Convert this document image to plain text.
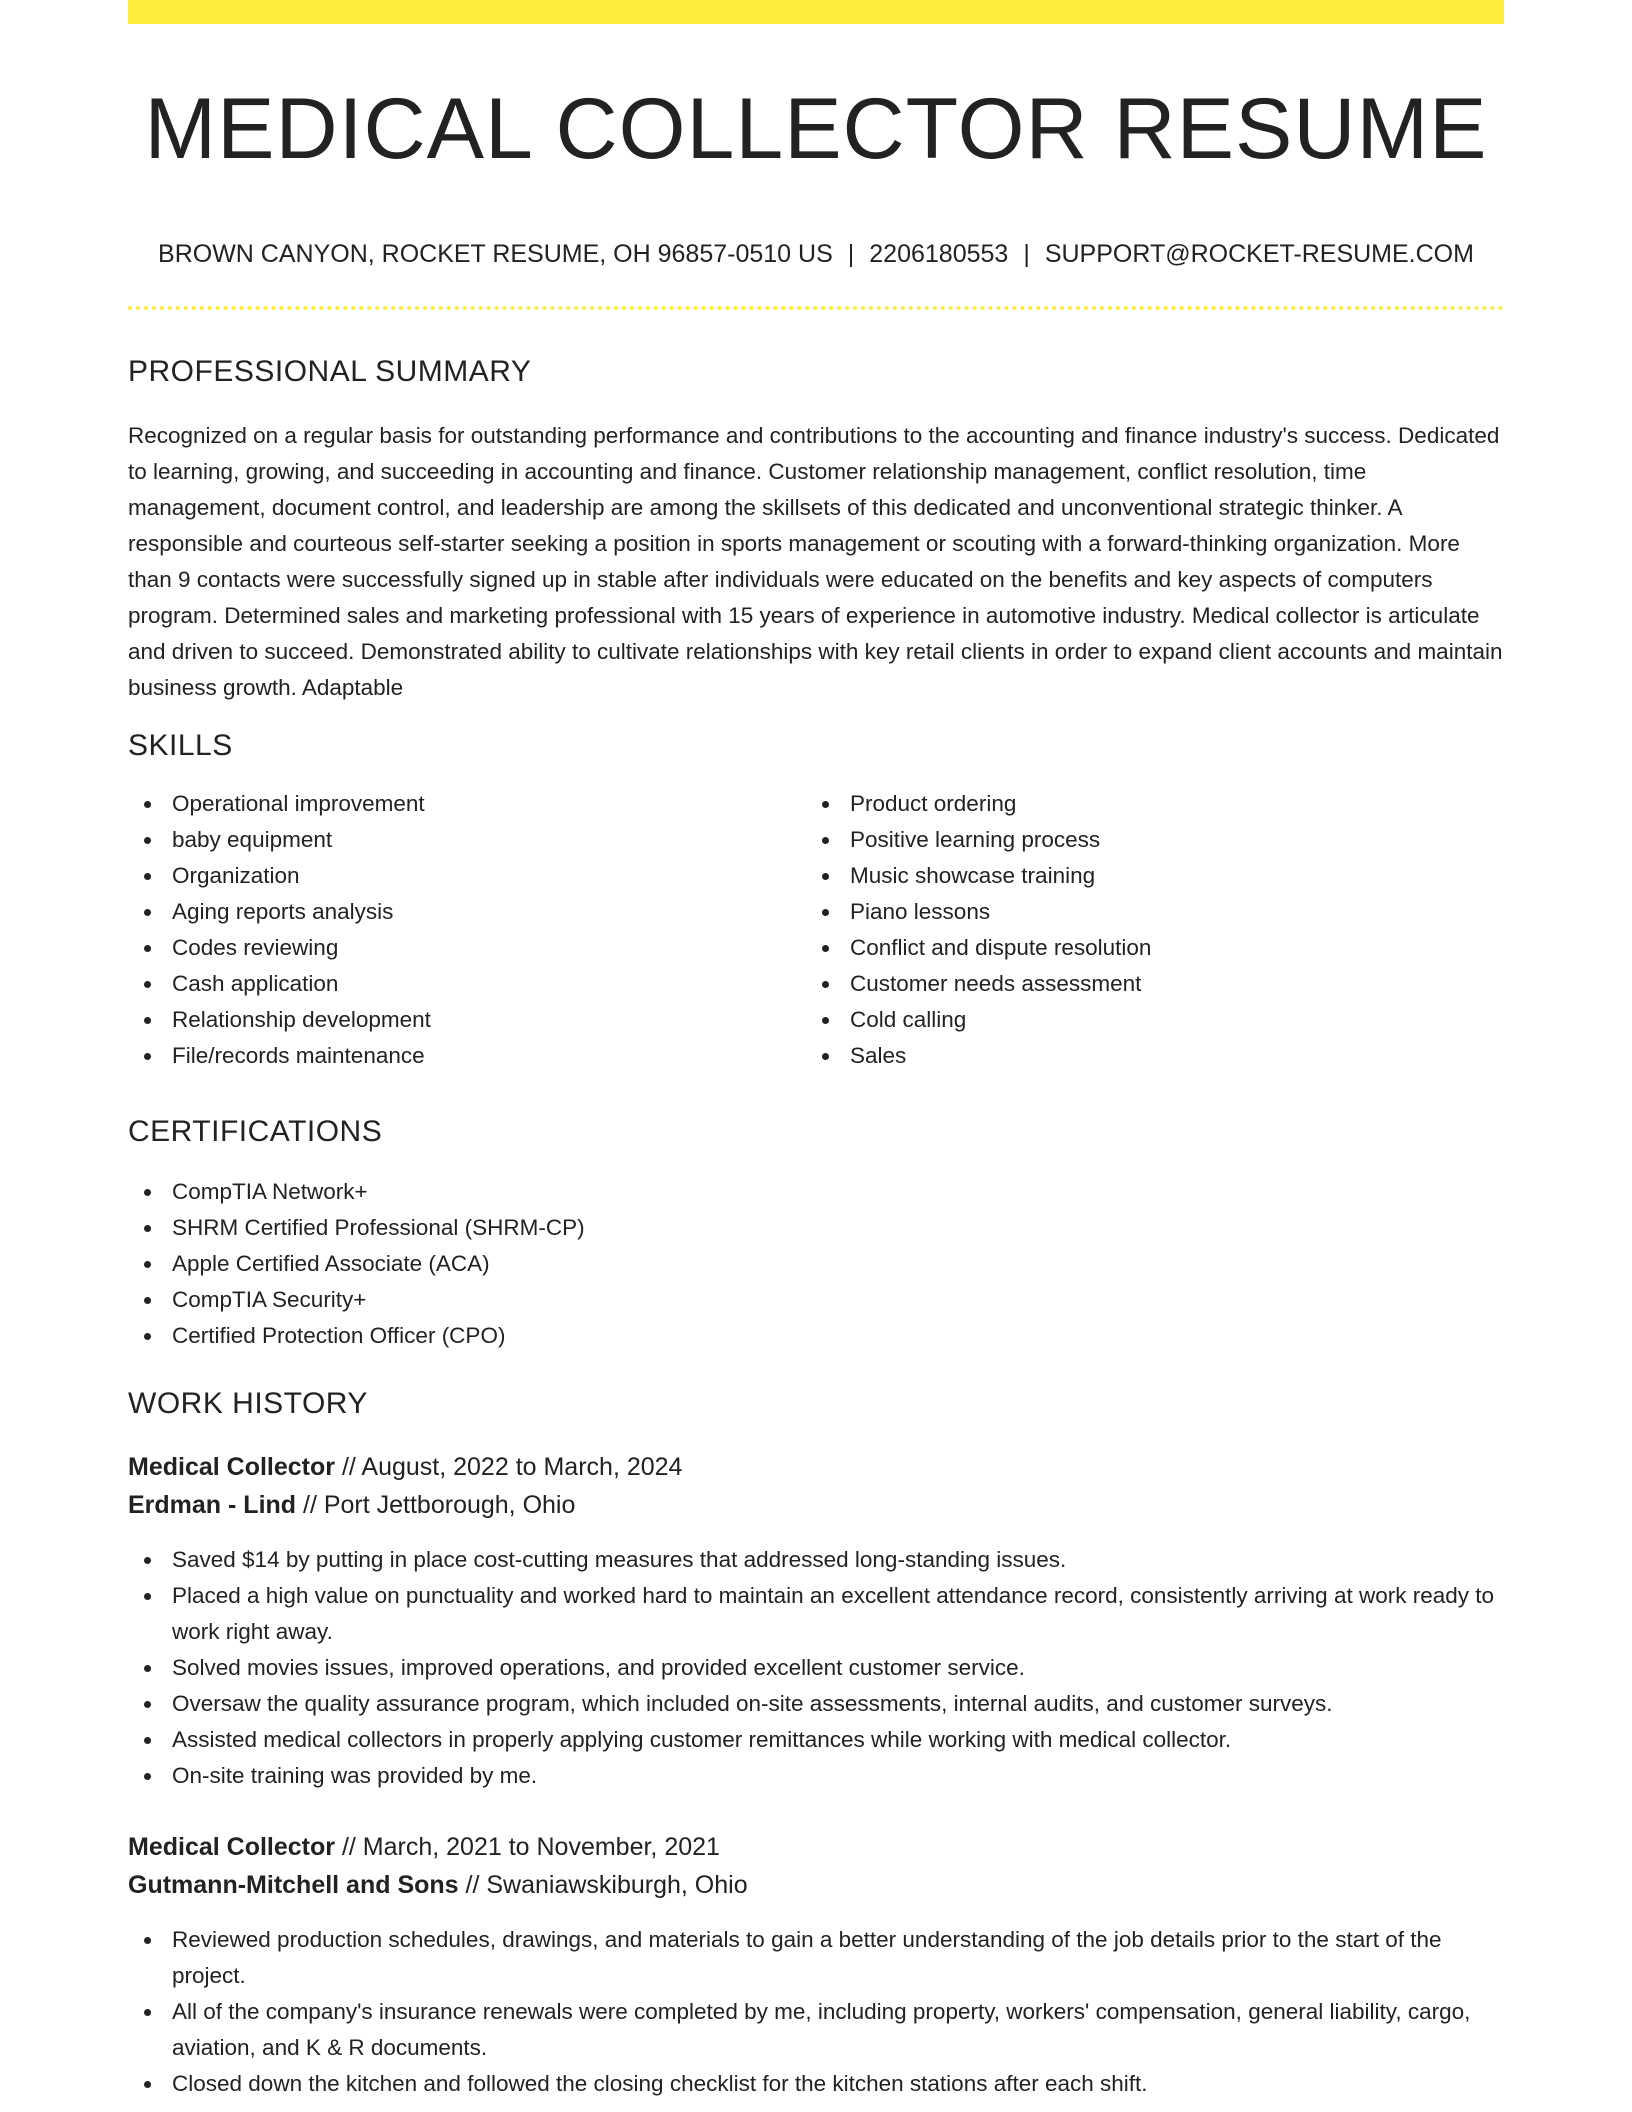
MEDICAL COLLECTOR RESUME
BROWN CANYON, ROCKET RESUME, OH 96857-0510 US | 2206180553 | SUPPORT@ROCKET-RESUME.COM
PROFESSIONAL SUMMARY

Recognized on a regular basis for outstanding performance and contributions to the accounting and finance industry's success. Dedicated to learning, growing, and succeeding in accounting and finance. Customer relationship management, conflict resolution, time management, document control, and leadership are among the skillsets of this dedicated and unconventional strategic thinker. A responsible and courteous self-starter seeking a position in sports management or scouting with a forward-thinking organization. More than 9 contacts were successfully signed up in stable after individuals were educated on the benefits and key aspects of computers program. Determined sales and marketing professional with 15 years of experience in automotive industry. Medical collector is articulate and driven to succeed. Demonstrated ability to cultivate relationships with key retail clients in order to expand client accounts and maintain business growth. Adaptable

SKILLS
Operational improvement
baby equipment
Organization
Aging reports analysis
Codes reviewing
Cash application
Relationship development
File/records maintenance
Product ordering
Positive learning process
Music showcase training
Piano lessons
Conflict and dispute resolution
Customer needs assessment
Cold calling
Sales
CERTIFICATIONS
CompTIA Network+
SHRM Certified Professional (SHRM-CP)
Apple Certified Associate (ACA)
CompTIA Security+
Certified Protection Officer (CPO)
WORK HISTORY
Medical Collector // August, 2022 to March, 2024
Erdman - Lind // Port Jettborough, Ohio
Saved $14 by putting in place cost-cutting measures that addressed long-standing issues.
Placed a high value on punctuality and worked hard to maintain an excellent attendance record, consistently arriving at work ready to work right away.
Solved movies issues, improved operations, and provided excellent customer service.
Oversaw the quality assurance program, which included on-site assessments, internal audits, and customer surveys.
Assisted medical collectors in properly applying customer remittances while working with medical collector.
On-site training was provided by me.
Medical Collector // March, 2021 to November, 2021
Gutmann-Mitchell and Sons // Swaniawskiburgh, Ohio
Reviewed production schedules, drawings, and materials to gain a better understanding of the job details prior to the start of the project.
All of the company's insurance renewals were completed by me, including property, workers' compensation, general liability, cargo, aviation, and K & R documents.
Closed down the kitchen and followed the closing checklist for the kitchen stations after each shift.
